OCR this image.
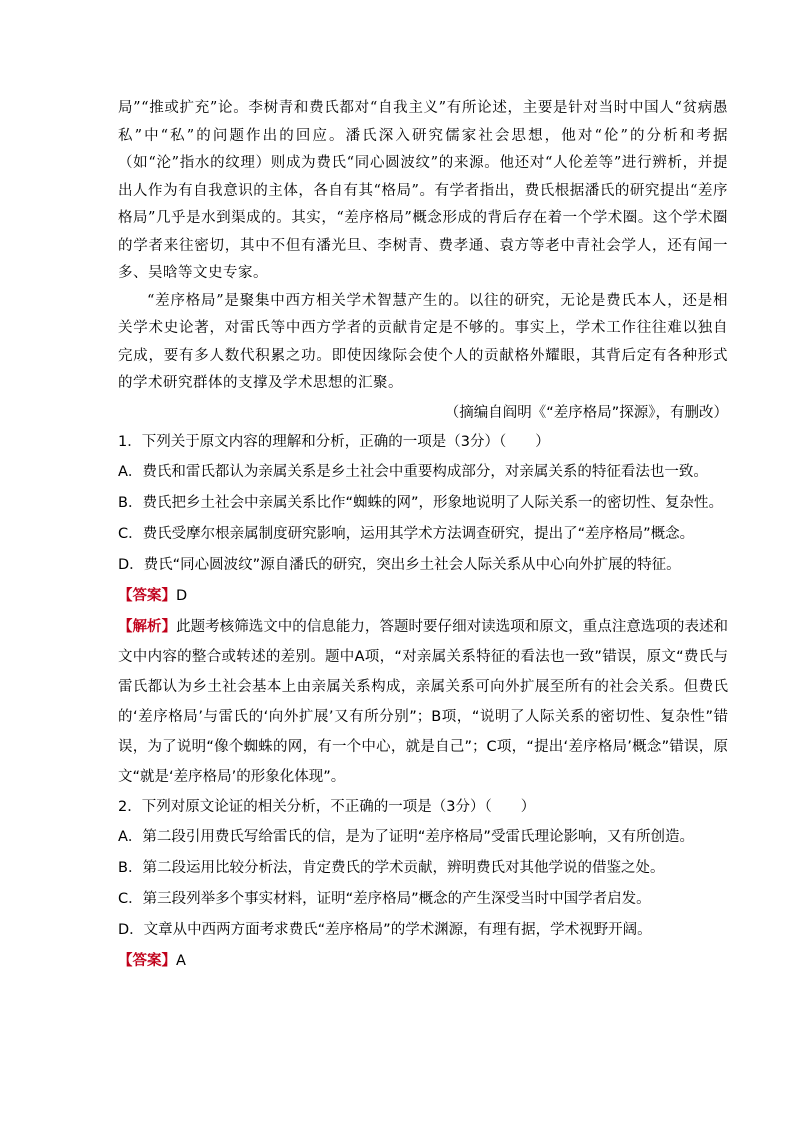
局”“推或扩充”论。李树青和费氏都对“自我主义”有所论述，主要是针对当时中国人“贫病愚私”中“私”的问题作出的回应。潘氏深入研究儒家社会思想，他对“伦”的分析和考据（如“沦”指水的纹理）则成为费氏“同心圆波纹”的来源。他还对“人伦差等”进行辨析，并提出人作为有自我意识的主体，各自有其“格局”。有学者指出，费氏根据潘氏的研究提出“差序格局”几乎是水到渠成的。其实，“差序格局”概念形成的背后存在着一个学术圈。这个学术圈的学者来往密切，其中不但有潘光旦、李树青、费孝通、袁方等老中青社会学人，还有闻一多、吴晗等文史专家。

“差序格局”是聚集中西方相关学术智慧产生的。以往的研究，无论是费氏本人，还是相关学术史论著，对雷氏等中西方学者的贡献肯定是不够的。事实上，学术工作往往难以独自完成，要有多人数代积累之功。即使因缘际会使个人的贡献格外耀眼，其背后定有各种形式的学术研究群体的支撑及学术思想的汇聚。

（摘编自阎明《“差序格局”探源》，有删改）

1．下列关于原文内容的理解和分析，正确的一项是（3分）（　　）

A．费氏和雷氏都认为亲属关系是乡土社会中重要构成部分，对亲属关系的特征看法也一致。

B．费氏把乡土社会中亲属关系比作“蜘蛛的网”，形象地说明了人际关系一的密切性、复杂性。

C．费氏受摩尔根亲属制度研究影响，运用其学术方法调查研究，提出了“差序格局”概念。

D．费氏“同心圆波纹”源自潘氏的研究，突出乡土社会人际关系从中心向外扩展的特征。

【答案】D

【解析】此题考核筛选文中的信息能力，答题时要仔细对读选项和原文，重点注意选项的表述和文中内容的整合或转述的差别。题中A项，“对亲属关系特征的看法也一致”错误，原文“费氏与雷氏都认为乡土社会基本上由亲属关系构成，亲属关系可向外扩展至所有的社会关系。但费氏的‘差序格局’与雷氏的‘向外扩展’又有所分别”；B项，“说明了人际关系的密切性、复杂性”错误，为了说明“像个蜘蛛的网，有一个中心，就是自己”；C项，“提出‘差序格局’概念”错误，原文“就是‘差序格局’的形象化体现”。

2．下列对原文论证的相关分析，不正确的一项是（3分）（　　）

A．第二段引用费氏写给雷氏的信，是为了证明“差序格局”受雷氏理论影响，又有所创造。

B．第二段运用比较分析法，肯定费氏的学术贡献，辨明费氏对其他学说的借鉴之处。

C．第三段列举多个事实材料，证明“差序格局”概念的产生深受当时中国学者启发。

D．文章从中西两方面考求费氏“差序格局”的学术渊源，有理有据，学术视野开阔。

【答案】A
